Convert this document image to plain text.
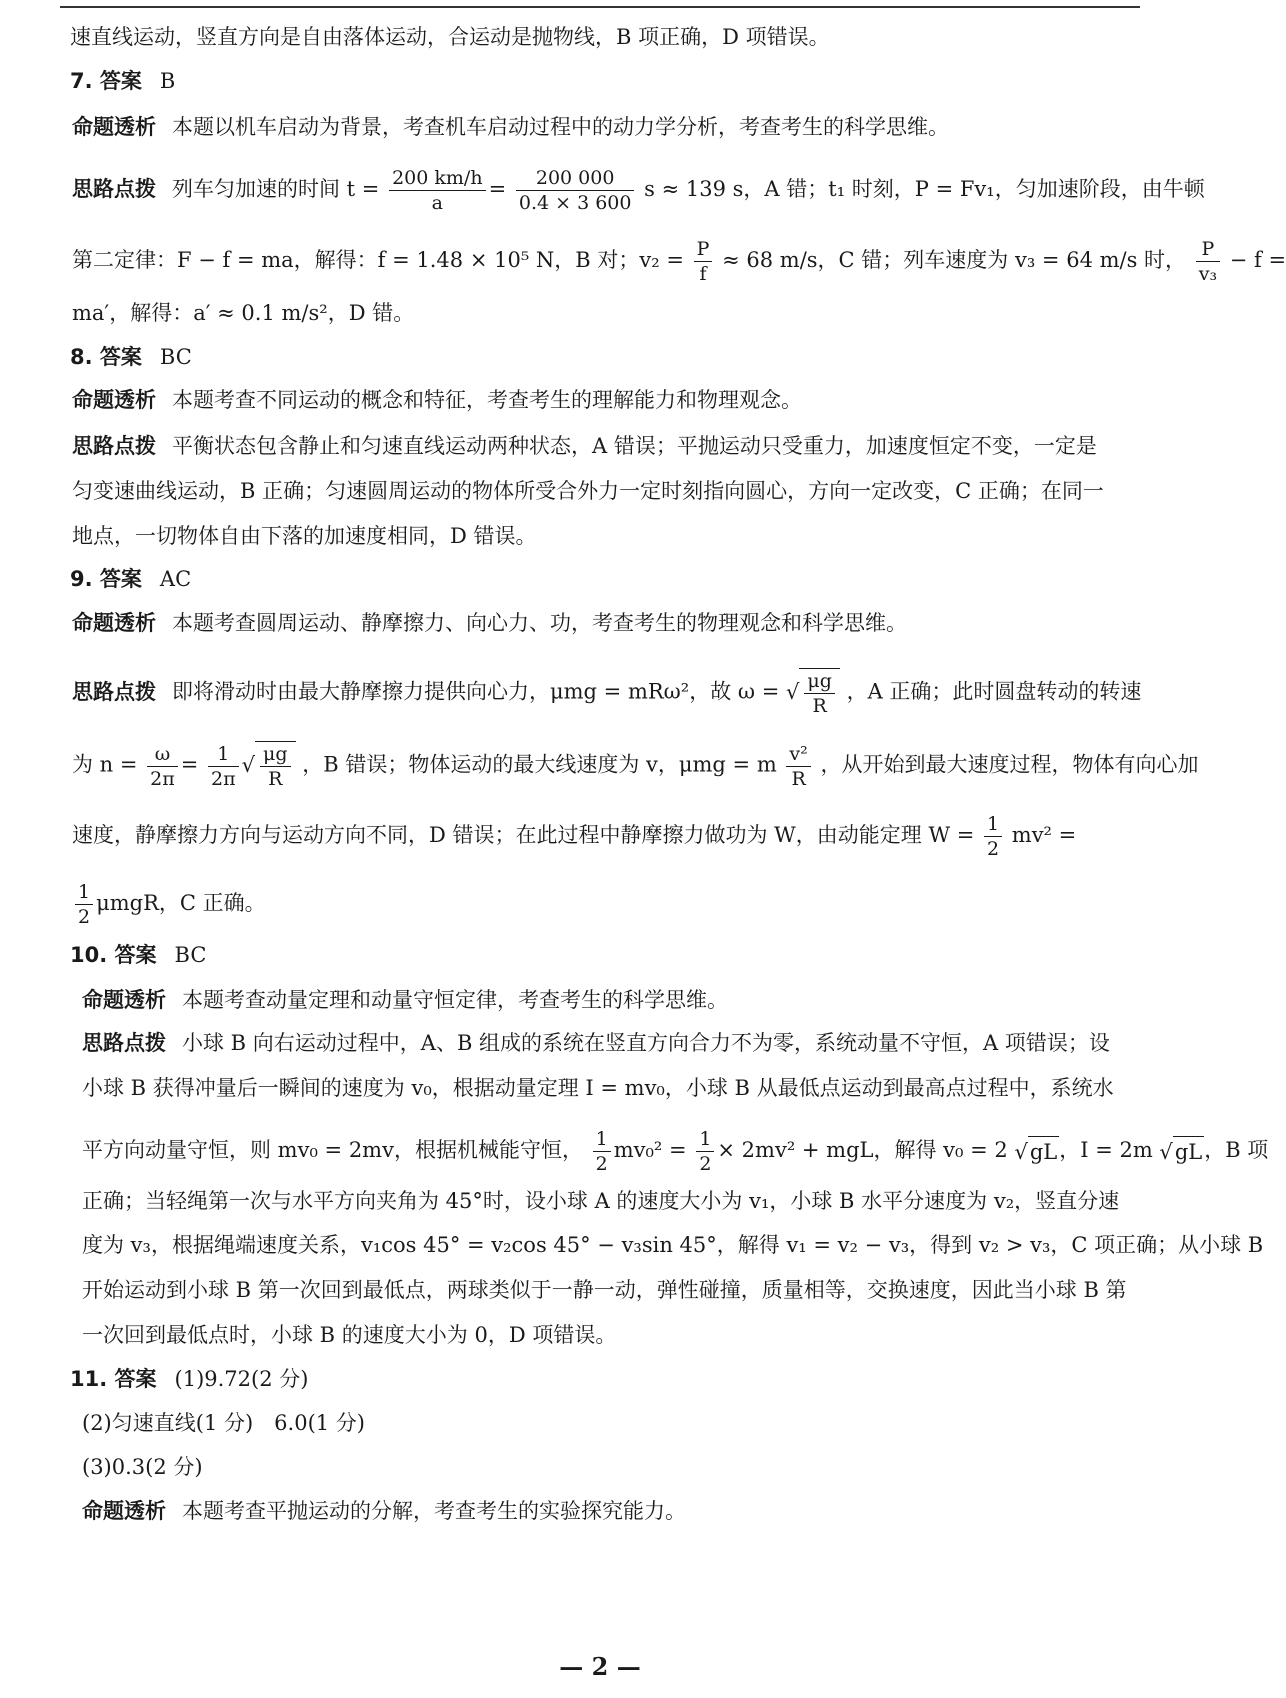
速直线运动，竖直方向是自由落体运动，合运动是抛物线，B 项正确，D 项错误。
7. 答案 B
命题透析 本题以机车启动为背景，考查机车启动过程中的动力学分析，考查考生的科学思维。
思路点拨 列车匀加速的时间 $t = \frac{200 km/h}{a} = \frac{200 000}{0.4 \times 3 600}$ s ≈ 139 s，A 错；t₁ 时刻，P = Fv₁，匀加速阶段，由牛顿
第二定律：F − f = ma，解得：f = 1.48 × 10⁵ N，B 对；$v_2 = \frac{P}{f} \approx 68$ m/s，C 错；列车速度为 v₃ = 64 m/s 时， $\frac{P}{\text{v₃}} - f$ =
ma′，解得：a′ ≈ 0.1 m/s²，D 错。
8. 答案 BC
命题透析 本题考查不同运动的概念和特征，考查考生的理解能力和物理观念。
思路点拨 平衡状态包含静止和匀速直线运动两种状态，A 错误；平抛运动只受重力，加速度恒定不变，一定是
匀变速曲线运动，B 正确；匀速圆周运动的物体所受合外力一定时刻指向圆心，方向一定改变，C 正确；在同一
地点，一切物体自由下落的加速度相同，D 错误。
9. 答案 AC
命题透析 本题考查圆周运动、静摩擦力、向心力、功，考查考生的物理观念和科学思维。
思路点拨 即将滑动时由最大静摩擦力提供向心力，μmg = mRω²，故 ω = √ $\frac{\mu g}{R}$ ，A 正确；此时圆盘转动的转速
为 $n = \frac{\omega}{2\pi} = \frac{1}{2\pi}$ √ $\frac{\mu g}{R}$ ，B 错误；物体运动的最大线速度为 v，μmg = m $\frac{\text{v²}}{R}$ ，从开始到最大速度过程，物体有向心加
速度，静摩擦力方向与运动方向不同，D 错误；在此过程中静摩擦力做功为 W，由动能定理 $W = \frac{1}{2} mv^2$ =
$\frac{1}{2}$ μmgR，C 正确。
10. 答案 BC
命题透析 本题考查动量定理和动量守恒定律，考查考生的科学思维。
思路点拨 小球 B 向右运动过程中，A、B 组成的系统在竖直方向合力不为零，系统动量不守恒，A 项错误；设
小球 B 获得冲量后一瞬间的速度为 v₀，根据动量定理 I = mv₀，小球 B 从最低点运动到最高点过程中，系统水
平方向动量守恒，则 mv₀ = 2mv，根据机械能守恒， $\frac{1}{2} mv_0^2 = \frac{1}{2} \times 2mv^2$ + mgL，解得 v₀ = 2 √gL，I = 2m √gL，B 项
正确；当轻绳第一次与水平方向夹角为 45°时，设小球 A 的速度大小为 v₁，小球 B 水平分速度为 v₂，竖直分速
度为 v₃，根据绳端速度关系，v₁cos 45° = v₂cos 45° − v₃sin 45°，解得 v₁ = v₂ − v₃，得到 v₂ > v₃，C 项正确；从小球 B
开始运动到小球 B 第一次回到最低点，两球类似于一静一动，弹性碰撞，质量相等，交换速度，因此当小球 B 第
一次回到最低点时，小球 B 的速度大小为 0，D 项错误。
11. 答案 (1)9.72(2 分)
(2)匀速直线(1 分)　6.0(1 分)
(3)0.3(2 分)
命题透析 本题考查平抛运动的分解，考查考生的实验探究能力。
— 2 —
